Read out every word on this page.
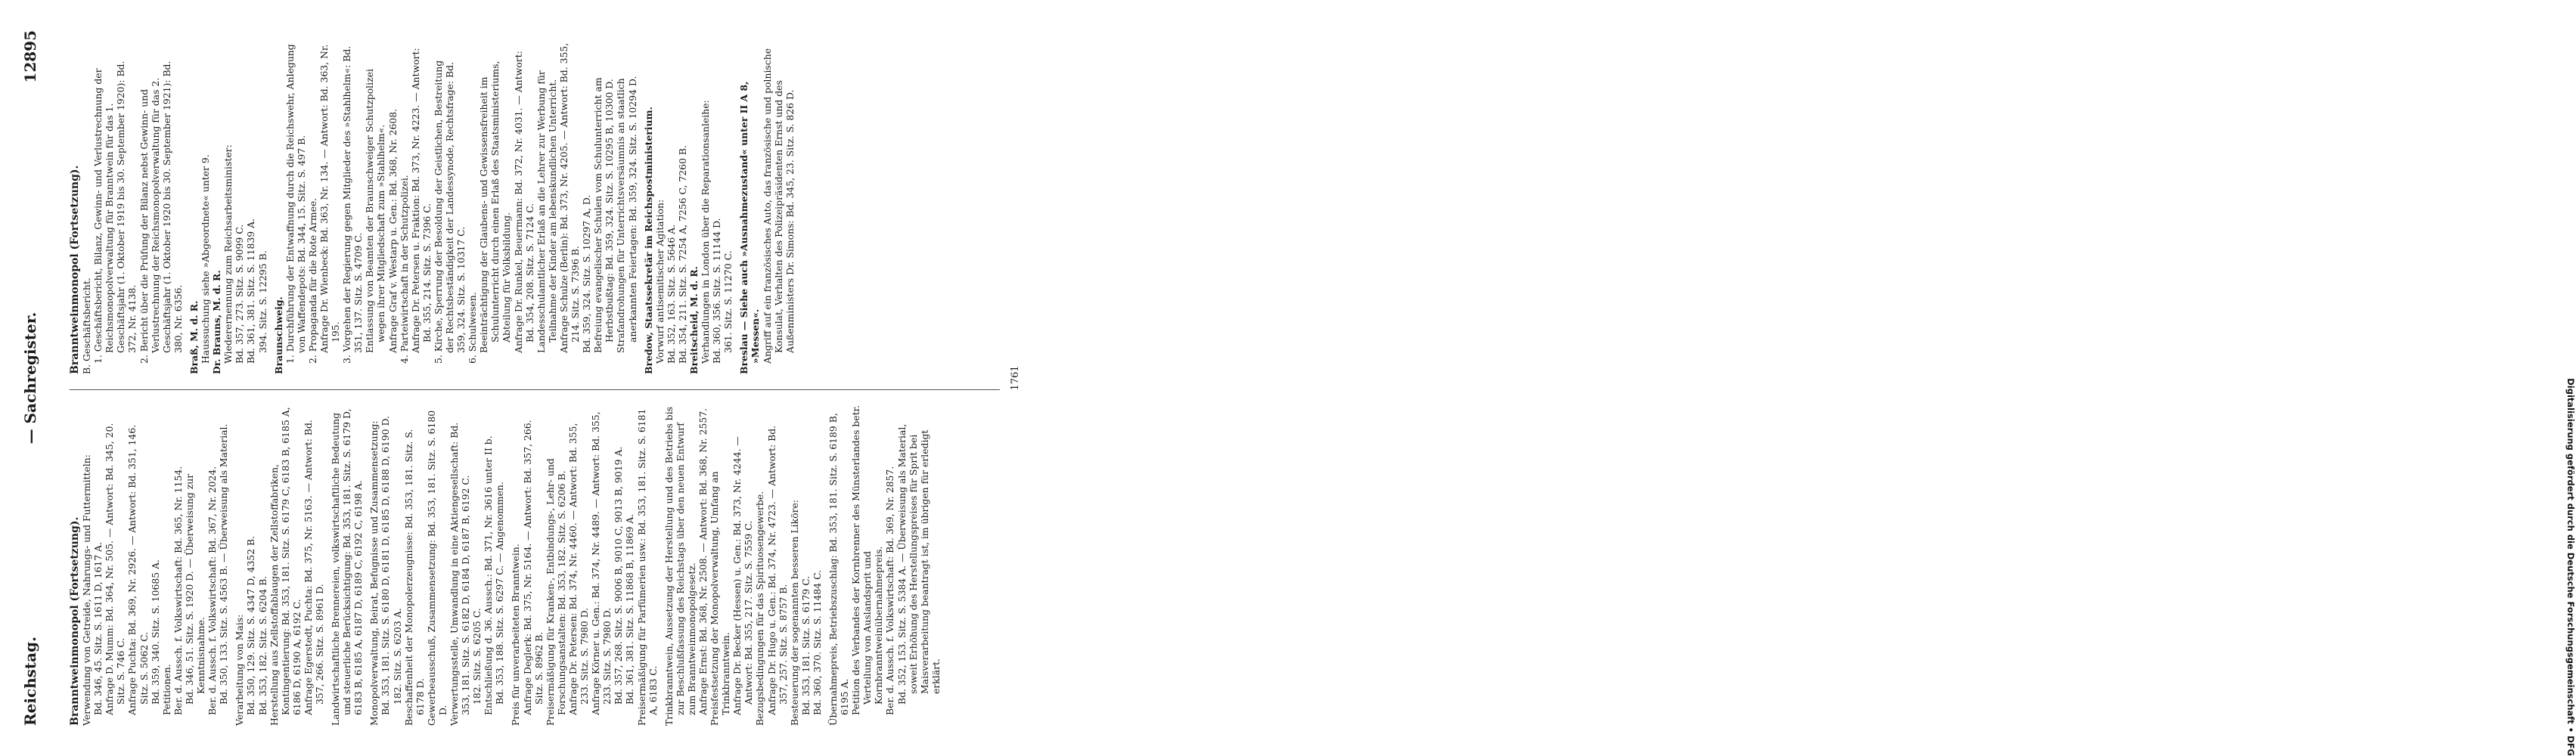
Reichstag.
— Sachregister.
12895

Branntweinmonopol (Fortsetzung). Verwendung von Getreide, Nahrungs- und Futtermitteln: Bd. 346, 45. Sitz. S. 1611 D, 1617 A. Anfrage D. Mumm: Bd. 364, Nr. 505. — Antwort: Bd. 345, 20. Sitz. S. 746 C. Anfrage Puchta: Bd. 369, Nr. 2926. — Antwort: Bd. 351, 146. Sitz. S. 5062 C. Bd. 359, 340. Sitz. S. 10685 A. Petitionen. Ber. d. Aussch. f. Volkswirtschaft: Bd. 365, Nr. 1154. Bd. 346, 51. Sitz. S. 1920 D. — Überweisung zur Kenntnisnahme. Ber. d. Aussch. f. Volkswirtschaft: Bd. 367, Nr. 2024. Bd. 350, 133. Sitz. S. 4563 B. — Überweisung als Material. Verarbeitung von Mais: Bd. 350, 129. Sitz. S. 4347 D, 4352 B. Bd. 353, 182. Sitz. S. 6204 B. Herstellung aus Zellstoffablaugen der Zellstoffabriken, Kontingentierung: Bd. 353, 181. Sitz. S. 6179 C, 6183 B, 6185 A, 6186 D, 6190 A, 6192 C. Anfrage Egerstedt, Puchta: Bd. 375, Nr. 5163. — Antwort: Bd. 357, 266. Sitz. S. 8961 D. Landwirtschaftliche Brennereien, volkswirtschaftliche Bedeutung und steuerliche Berücksichtigung: Bd. 353, 181. Sitz. S. 6179 D, 6183 B, 6185 A, 6187 D, 6189 C, 6192 C, 6198 A. Monopolverwaltung, Beirat, Befugnisse und Zusammensetzung: Bd. 353, 181. Sitz. S. 6180 D, 6181 D, 6185 D, 6188 D, 6190 D. 182. Sitz. S. 6203 A. Beschaffenheit der Monopolerzeugnisse: Bd. 353, 181. Sitz. S. 6178 D. Gewerbeausschuß, Zusammensetzung: Bd. 353, 181. Sitz. S. 6180 D. Verwertungsstelle, Umwandlung in eine Aktiengesellschaft: Bd. 353, 181. Sitz. S. 6182 D, 6184 D, 6187 B, 6192 C. 182. Sitz. S. 6205 C. Entschließung d. 36. Aussch.: Bd. 371, Nr. 3616 unter II b. Bd. 353, 188. Sitz. S. 6297 C. — Angenommen. Preis für unverarbeiteten Branntwein. Anfrage Deglerk: Bd. 375, Nr. 5164. — Antwort: Bd. 357, 266. Sitz. S. 8962 B. Preisermäßigung für Kranken-, Entbindungs-, Lehr- und Forschungsanstalten: Bd. 353, 182. Sitz. S. 6206 B. Anfrage Dr. Petersen: Bd. 374, Nr. 4460. — Antwort: Bd. 355, 233. Sitz. S. 7980 D. Anfrage Körner u. Gen.: Bd. 374, Nr. 4489. — Antwort: Bd. 355, 233. Sitz. S. 7980 D. Bd. 357, 268. Sitz. S. 9006 B, 9010 C, 9013 B, 9019 A. Bd. 361, 381. Sitz. S. 11868 B, 11869 A. Preisermäßigung für Parfümerien usw.: Bd. 353, 181. Sitz. S. 6181 A, 6183 C. Trinkbranntwein, Aussetzung der Herstellung und des Betriebs bis zur Beschlußfassung des Reichstags über den neuen Entwurf zum Branntweinmonopolgesetz. Anfrage Ernst: Bd. 368, Nr. 2508. — Antwort: Bd. 368, Nr. 2557. Preisfestsetzung der Monopolverwaltung, Umfang an Trinkbranntwein. Anfrage Dr. Becker (Hessen) u. Gen.: Bd. 373, Nr. 4244. — Antwort: Bd. 355, 217. Sitz. S. 7559 C. Bezugsbedingungen für das Spirituosengewerbe. Anfrage Dr. Hugo u. Gen.: Bd. 374, Nr. 4723. — Antwort: Bd. 357, 257. Sitz. S. 8757 B. Besteuerung der sogenannten besseren Liköre: Bd. 353, 181. Sitz. S. 6179 C. Bd. 360, 370. Sitz. S. 11484 C. Übernahmepreis, Betriebszuschlag: Bd. 353, 181. Sitz. S. 6189 B, 6195 A. Petition des Verbandes der Kornbrenner des Münsterlandes betr. Verteilung von Auslandsprit und Kornbranntweinübernahmepreis. Ber. d. Aussch. f. Volkswirtschaft: Bd. 369, Nr. 2857. Bd. 352, 153. Sitz. S. 5384 A. — Überweisung als Material, soweit Erhöhung des Herstellungspreises für Sprit bei Maisverarbeitung beantragt ist, im übrigen für erledigt erklärt.

Branntweinmonopol (Fortsetzung). B. Geschäftsbericht. 1. Geschäftsbericht, Bilanz, Gewinn- und Verlustrechnung der Reichsmonopolverwaltung für Branntwein für das 1. Geschäftsjahr (1. Oktober 1919 bis 30. September 1920): Bd. 372, Nr. 4138. 2. Bericht über die Prüfung der Bilanz nebst Gewinn- und Verlustrechnung der Reichsmonopolverwaltung für das 2. Geschäftsjahr (1. Oktober 1920 bis 30. September 1921): Bd. 380, Nr. 6356. Braß, M. d. R. Haussuchung siehe »Abgeordnete« unter 9. Dr. Brauns, M. d. R. Wiederernennung zum Reichsarbeitsminister: Bd. 357, 273. Sitz. S. 9099 C. Bd. 361, 381. Sitz. S. 11839 A. 394. Sitz. S. 12295 B. Braunschweig. 1. Durchführung der Entwaffnung durch die Reichswehr, Anlegung von Waffendepots: Bd. 344, 15. Sitz. S. 497 B. 2. Propaganda für die Rote Armee. Anfrage Dr. Wienbeck: Bd. 363, Nr. 134. — Antwort: Bd. 363, Nr. 195. 3. Vorgehen der Regierung gegen Mitglieder des »Stahlhelm«: Bd. 351, 137. Sitz. S. 4709 C. Entlassung von Beamten der Braunschweiger Schutzpolizei wegen ihrer Mitgliedschaft zum »Stahlhelm«. Anfrage Graf v. Westarp u. Gen.: Bd. 368, Nr. 2608. 4. Parteiwirtschaft in der Schutzpolizei. Anfrage Dr. Petersen u. Fraktion: Bd. 373, Nr. 4223. — Antwort: Bd. 355, 214. Sitz. S. 7396 C. 5. Kirche, Sperrung der Besoldung der Geistlichen, Bestreitung der Rechtsbeständigkeit der Landessynode, Rechtsfrage: Bd. 359, 324. Sitz. S. 10317 C. 6. Schulwesen. Beeinträchtigung der Glaubens- und Gewissensfreiheit im Schulunterricht durch einen Erlaß des Staatsministeriums, Abteilung für Volksbildung. Anfrage Dr. Runkel, Beuermann: Bd. 372, Nr. 4031. — Antwort: Bd. 354, 208. Sitz. S. 7124 C. Landesschulamtlicher Erlaß an die Lehrer zur Werbung für Teilnahme der Kinder am lebenskundlichen Unterricht. Anfrage Schulze (Berlin): Bd. 373, Nr. 4205. — Antwort: Bd. 355, 214. Sitz. S. 7396 B. Bd. 359, 324. Sitz. S. 10297 A, D. Befreiung evangelischer Schulen vom Schulunterricht am Herbstbußtag: Bd. 359, 324. Sitz. S. 10295 B, 10300 D. Strafandrohungen für Unterrichtsversäumnis an staatlich anerkannten Feiertagen: Bd. 359, 324. Sitz. S. 10294 D. Bredow, Staatssekretär im Reichspostministerium. Vorwurf antisemitischer Agitation: Bd. 352, 163. Sitz. S. 5646 A. Bd. 354, 211. Sitz. S. 7254 A, 7256 C, 7260 B. Breitscheid, M. d. R. Verhandlungen in London über die Reparationsanleihe: Bd. 360, 356. Sitz. S. 11144 D. 361. Sitz. S. 11270 C. Breslau — Siehe auch »Ausnahmezustand« unter II A 8, »Messen«. Angriff auf ein französisches Auto, das französische und polnische Konsulat, Verhalten des Polizeipräsidenten Ernst und des Außenministers Dr. Simons: Bd. 345, 23. Sitz. S. 826 D.

1761
Digitalisierung gefördert durch die Deutsche Forschungsgemeinschaft • DFG
